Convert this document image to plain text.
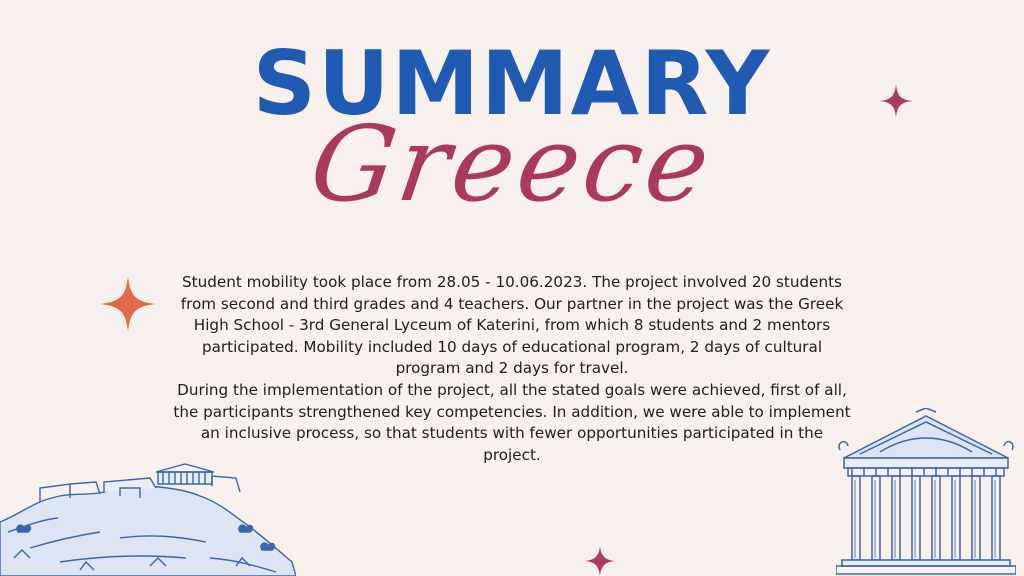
SUMMARY
Greece

Student mobility took place from 28.05 - 10.06.2023. The project involved 20 students from second and third grades and 4 teachers. Our partner in the project was the Greek High School - 3rd General Lyceum of Katerini, from which 8 students and 2 mentors participated. Mobility included 10 days of educational program, 2 days of cultural program and 2 days for travel.

During the implementation of the project, all the stated goals were achieved, first of all, the participants strengthened key competencies. In addition, we were able to implement an inclusive process, so that students with fewer opportunities participated in the project.
